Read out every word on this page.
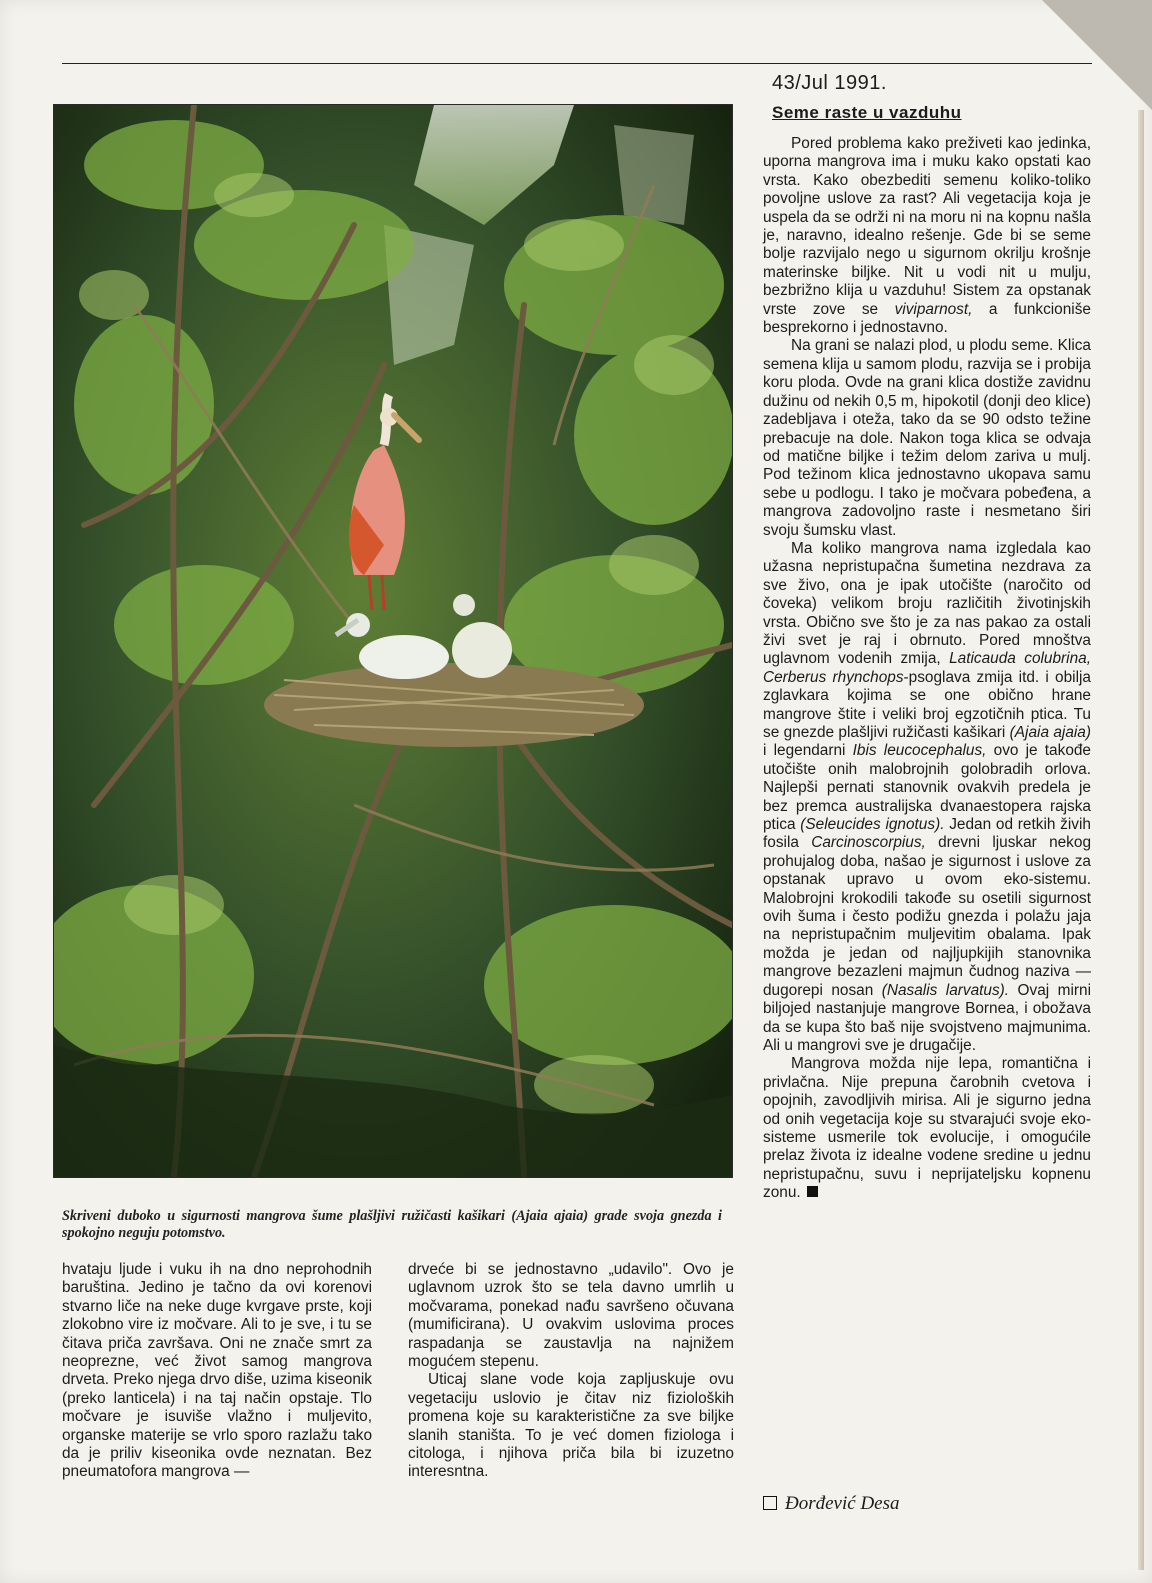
43/Jul 1991.
Seme raste u vazduhu
Skriveni duboko u sigurnosti mangrova šume plašljivi ružičasti kašikari (Ajaia ajaia) grade svoja gnezda i spokojno neguju potomstvo.

hvataju ljude i vuku ih na dno neprohodnih baruština. Jedino je tačno da ovi korenovi stvarno liče na neke duge kvrgave prste, koji zlokobno vire iz močvare. Ali to je sve, i tu se čitava priča završava. Oni ne znače smrt za neoprezne, već život samog mangrova drveta. Preko njega drvo diše, uzima kiseonik (preko lanticela) i na taj način opstaje. Tlo močvare je isuviše vlažno i muljevito, organske materije se vrlo sporo razlažu tako da je priliv kiseonika ovde neznatan. Bez pneumatofora mangrova —

drveće bi se jednostavno „udavilo". Ovo je uglavnom uzrok što se tela davno umrlih u močvarama, ponekad nađu savršeno očuvana (mumificirana). U ovakvim uslovima proces raspadanja se zaustavlja na najnižem mogućem stepenu.

Uticaj slane vode koja zapljuskuje ovu vegetaciju uslovio je čitav niz fizioloških promena koje su karakteristične za sve biljke slanih staništa. To je već domen fiziologa i citologa, i njihova priča bila bi izuzetno interesntna.

Pored problema kako preživeti kao jedinka, uporna mangrova ima i muku kako opstati kao vrsta. Kako obezbediti semenu koliko-toliko povoljne uslove za rast? Ali vegetacija koja je uspela da se održi ni na moru ni na kopnu našla je, naravno, idealno rešenje. Gde bi se seme bolje razvijalo nego u sigurnom okrilju krošnje materinske biljke. Nit u vodi nit u mulju, bezbrižno klija u vazduhu! Sistem za opstanak vrste zove se viviparnost, a funkcioniše besprekorno i jednostavno.

Na grani se nalazi plod, u plodu seme. Klica semena klija u samom plodu, razvija se i probija koru ploda. Ovde na grani klica dostiže zavidnu dužinu od nekih 0,5 m, hipokotil (donji deo klice) zadebljava i oteža, tako da se 90 odsto težine prebacuje na dole. Nakon toga klica se odvaja od matične biljke i težim delom zariva u mulj. Pod težinom klica jednostavno ukopava samu sebe u podlogu. I tako je močvara pobeđena, a mangrova zadovoljno raste i nesmetano širi svoju šumsku vlast.

Ma koliko mangrova nama izgledala kao užasna nepristupačna šumetina nezdrava za sve živo, ona je ipak utočište (naročito od čoveka) velikom broju različitih životinjskih vrsta. Obično sve što je za nas pakao za ostali živi svet je raj i obrnuto. Pored mnoštva uglavnom vodenih zmija, Laticauda colubrina, Cerberus rhynchops-psoglava zmija itd. i obilja zglavkara kojima se one obično hrane mangrove štite i veliki broj egzotičnih ptica. Tu se gnezde plašljivi ružičasti kašikari (Ajaia ajaia) i legendarni Ibis leucocephalus, ovo je takođe utočište onih malobrojnih golobradih orlova. Najlepši pernati stanovnik ovakvih predela je bez premca australijska dvanaestopera rajska ptica (Seleucides ignotus). Jedan od retkih živih fosila Carcinoscorpius, drevni ljuskar nekog prohujalog doba, našao je sigurnost i uslove za opstanak upravo u ovom eko-sistemu. Malobrojni krokodili takođe su osetili sigurnost ovih šuma i često podižu gnezda i polažu jaja na nepristupačnim muljevitim obalama. Ipak možda je jedan od najljupkijih stanovnika mangrove bezazleni majmun čudnog naziva — dugorepi nosan (Nasalis larvatus). Ovaj mirni biljojed nastanjuje mangrove Bornea, i obožava da se kupa što baš nije svojstveno majmunima. Ali u mangrovi sve je drugačije.

Mangrova možda nije lepa, romantična i privlačna. Nije prepuna čarobnih cvetova i opojnih, zavodljivih mirisa. Ali je sigurno jedna od onih vegetacija koje su stvarajući svoje eko-sisteme usmerile tok evolucije, i omogućile prelaz života iz idealne vodene sredine u jednu nepristupačnu, suvu i neprijateljsku kopnenu zonu.

Đorđević Desa
